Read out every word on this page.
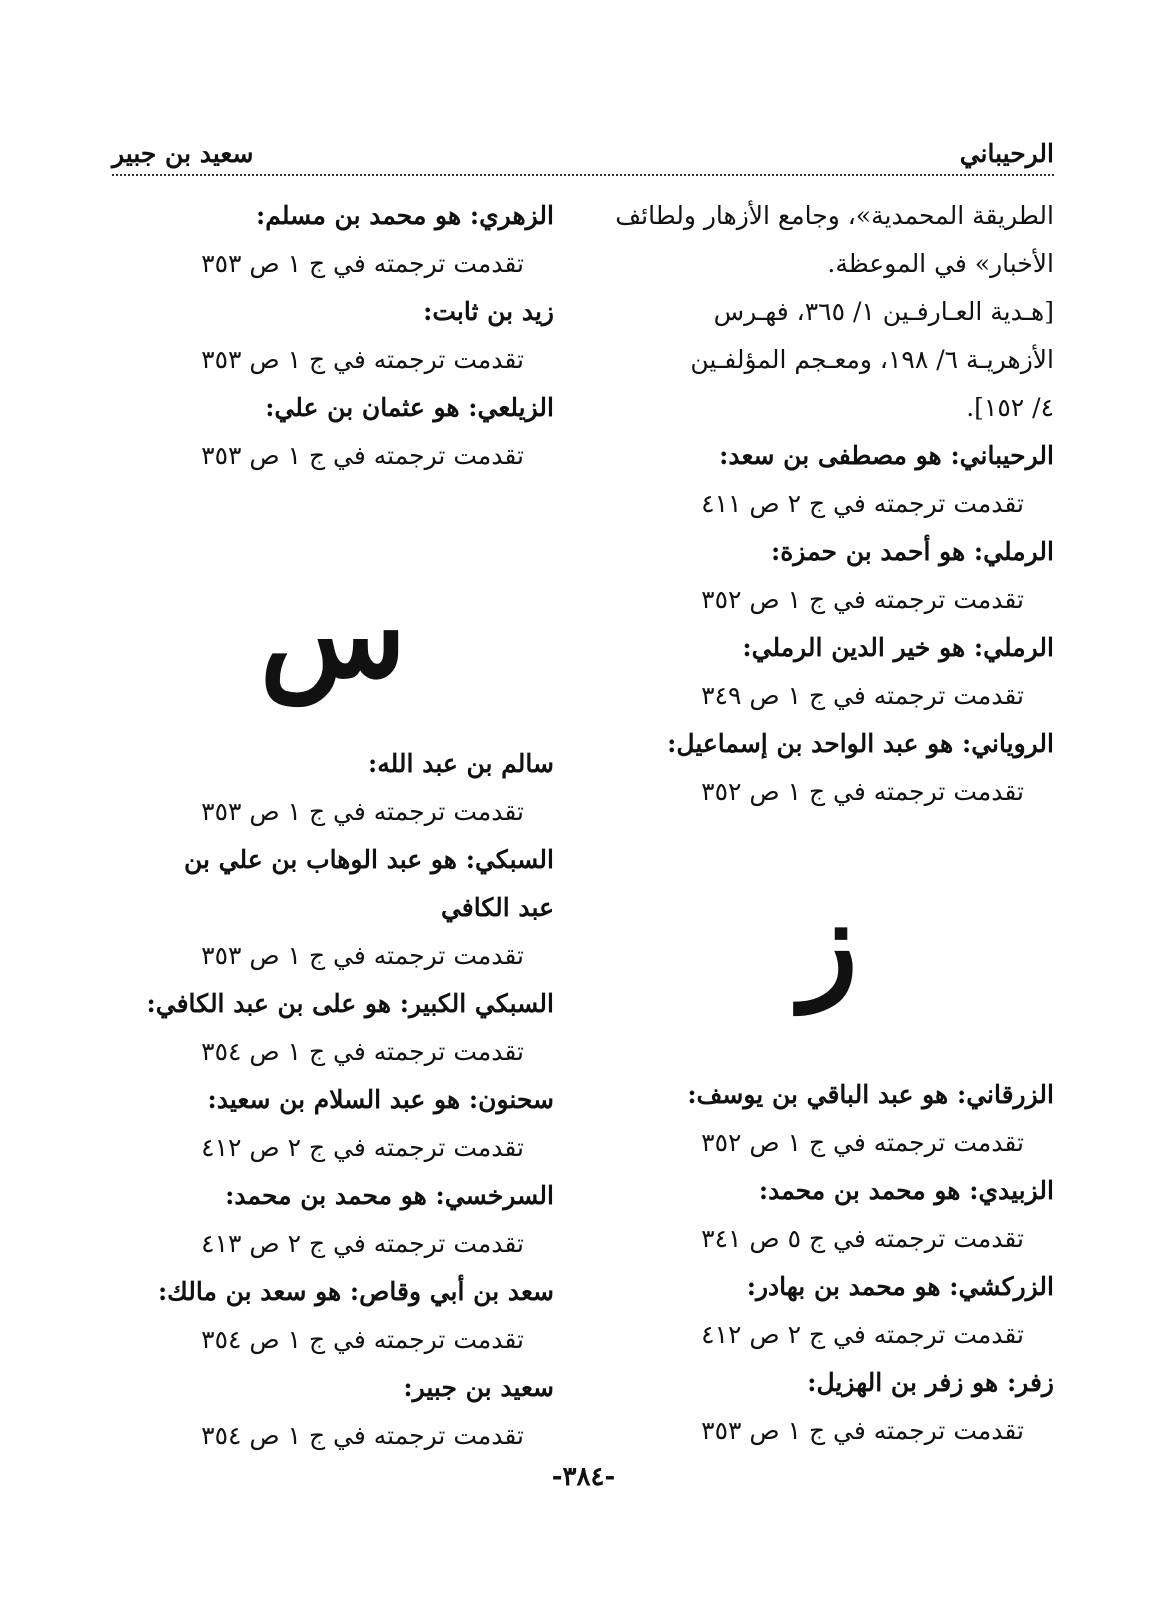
الرحيباني
سعيد بن جبير
الطريقة المحمدية»، وجامع الأزهار ولطائف
الأخبار» في الموعظة.
[هـدية العـارفـين ١/ ٣٦٥، فهـرس
الأزهريـة ٦/ ١٩٨، ومعـجم المؤلفـين
٤/ ١٥٢].
الرحيباني: هو مصطفى بن سعد:
تقدمت ترجمته في ج ٢ ص ٤١١
الرملي: هو أحمد بن حمزة:
تقدمت ترجمته في ج ١ ص ٣٥٢
الرملي: هو خير الدين الرملي:
تقدمت ترجمته في ج ١ ص ٣٤٩
الروياني: هو عبد الواحد بن إسماعيل:
تقدمت ترجمته في ج ١ ص ٣٥٢
ز
الزرقاني: هو عبد الباقي بن يوسف:
تقدمت ترجمته في ج ١ ص ٣٥٢
الزبيدي: هو محمد بن محمد:
تقدمت ترجمته في ج ٥ ص ٣٤١
الزركشي: هو محمد بن بهادر:
تقدمت ترجمته في ج ٢ ص ٤١٢
زفر: هو زفر بن الهزيل:
تقدمت ترجمته في ج ١ ص ٣٥٣
الزهري: هو محمد بن مسلم:
تقدمت ترجمته في ج ١ ص ٣٥٣
زيد بن ثابت:
تقدمت ترجمته في ج ١ ص ٣٥٣
الزيلعي: هو عثمان بن علي:
تقدمت ترجمته في ج ١ ص ٣٥٣
س
سالم بن عبد الله:
تقدمت ترجمته في ج ١ ص ٣٥٣
السبكي: هو عبد الوهاب بن علي بن
عبد الكافي
تقدمت ترجمته في ج ١ ص ٣٥٣
السبكي الكبير: هو على بن عبد الكافي:
تقدمت ترجمته في ج ١ ص ٣٥٤
سحنون: هو عبد السلام بن سعيد:
تقدمت ترجمته في ج ٢ ص ٤١٢
السرخسي: هو محمد بن محمد:
تقدمت ترجمته في ج ٢ ص ٤١٣
سعد بن أبي وقاص: هو سعد بن مالك:
تقدمت ترجمته في ج ١ ص ٣٥٤
سعيد بن جبير:
تقدمت ترجمته في ج ١ ص ٣٥٤
-٣٨٤-
